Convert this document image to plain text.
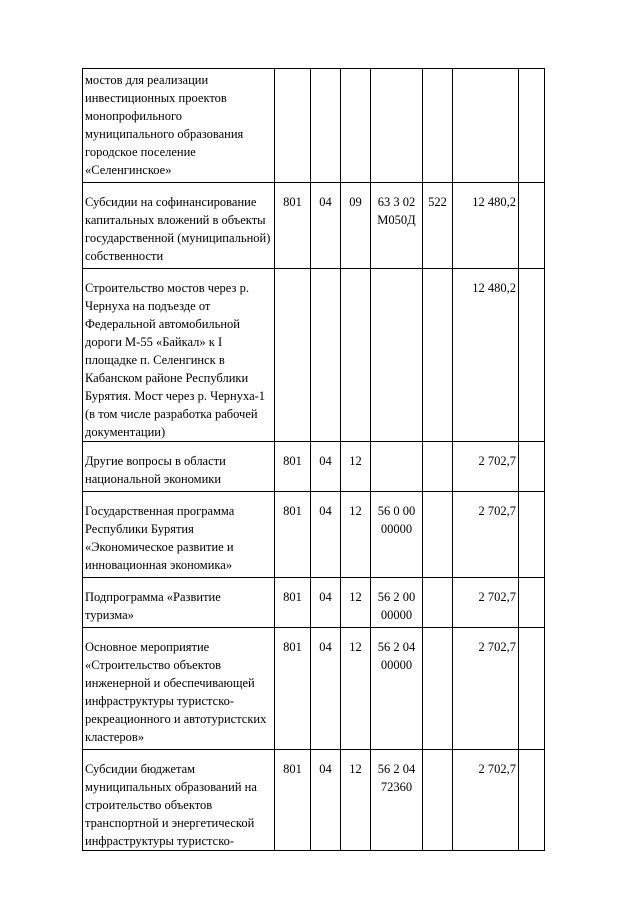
мостов для реализации инвестиционных проектов монопрофильного муниципального образования городское поселение «Селенгинское»							
Субсидии на софинансирование капитальных вложений в объекты государственной (муниципальной) собственности	801	04	09	63 3 02 М050Д	522	12 480,2	
Строительство мостов через р. Чернуха на подъезде от Федеральной автомобильной дороги М-55 «Байкал» к I площадке п. Селенгинск в Кабанском районе Республики Бурятия. Мост через р. Чернуха-1 (в том числе разработка рабочей документации)						12 480,2	
Другие вопросы в области национальной экономики	801	04	12			2 702,7	
Государственная программа Республики Бурятия «Экономическое развитие и инновационная экономика»	801	04	12	56 0 00 00000		2 702,7	
Подпрограмма «Развитие туризма»	801	04	12	56 2 00 00000		2 702,7	
Основное мероприятие «Строительство объектов инженерной и обеспечивающей инфраструктуры туристско-рекреационного и автотуристских кластеров»	801	04	12	56 2 04 00000		2 702,7	
Субсидии бюджетам муниципальных образований на строительство объектов транспортной и энергетической инфраструктуры туристско-	801	04	12	56 2 04 72360		2 702,7	
